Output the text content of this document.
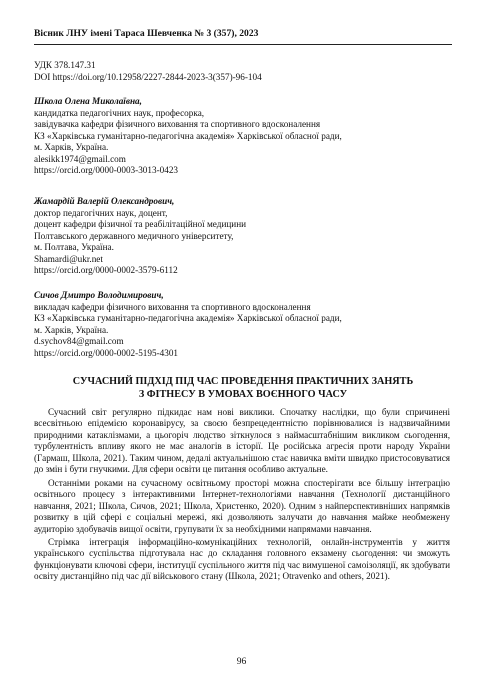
Вісник ЛНУ імені Тараса Шевченка № 3 (357), 2023
УДК 378.147.31
DOI https://doi.org/10.12958/2227-2844-2023-3(357)-96-104
Школа Олена Миколаївна,
кандидатка педагогічних наук, професорка,
завідувачка кафедри фізичного виховання та спортивного вдосконалення
КЗ «Харківська гуманітарно-педагогічна академія» Харківської обласної ради,
м. Харків, Україна.
alesikk1974@gmail.com
https://orcid.org/0000-0003-3013-0423
Жамардій Валерій Олександрович,
доктор педагогічних наук, доцент,
доцент кафедри фізичної та реабілітаційної медицини
Полтавського державного медичного університету,
м. Полтава, Україна.
Shamardi@ukr.net
https://orcid.org/0000-0002-3579-6112
Сичов Дмитро Володимирович,
викладач кафедри фізичного виховання та спортивного вдосконалення
КЗ «Харківська гуманітарно-педагогічна академія» Харківської обласної ради,
м. Харків, Україна.
d.sychov84@gmail.com
https://orcid.org/0000-0002-5195-4301
СУЧАСНИЙ ПІДХІД ПІД ЧАС ПРОВЕДЕННЯ ПРАКТИЧНИХ ЗАНЯТЬ
З ФІТНЕСУ В УМОВАХ ВОЄННОГО ЧАСУ

Сучасний світ регулярно підкидає нам нові виклики. Спочатку наслідки, що були спричинені всесвітньою епідемією коронавірусу, за своєю безпрецедентністю порівнювалися із надзвичайними природними катаклізмами, а цьогоріч людство зіткнулося з наймасштабнішим викликом сьогодення, турбулентність впливу якого не має аналогів в історії. Це російська агресія проти народу України (Гармаш, Школа, 2021). Таким чином, дедалі актуальнішою стає навичка вміти швидко пристосовуватися до змін і бути гнучкими. Для сфери освіти це питання особливо актуальне.

Останніми роками на сучасному освітньому просторі можна спостерігати все більшу інтеграцію освітнього процесу з інтерактивними Інтернет-технологіями навчання (Технології дистанційного навчання, 2021; Школа, Сичов, 2021; Школа, Христенко, 2020). Одним з найперспективніших напрямків розвитку в цій сфері є соціальні мережі, які дозволяють залучати до навчання майже необмежену аудиторію здобувачів вищої освіти, групувати їх за необхідними напрямами навчання.

Стрімка інтеграція інформаційно-комунікаційних технологій, онлайн-інструментів у життя українського суспільства підготувала нас до складання головного екзамену сьогодення: чи зможуть функціонувати ключові сфери, інституції суспільного життя під час вимушеної самоізоляції, як здобувати освіту дистанційно під час дії військового стану (Школа, 2021; Otravenko and others, 2021).

96
